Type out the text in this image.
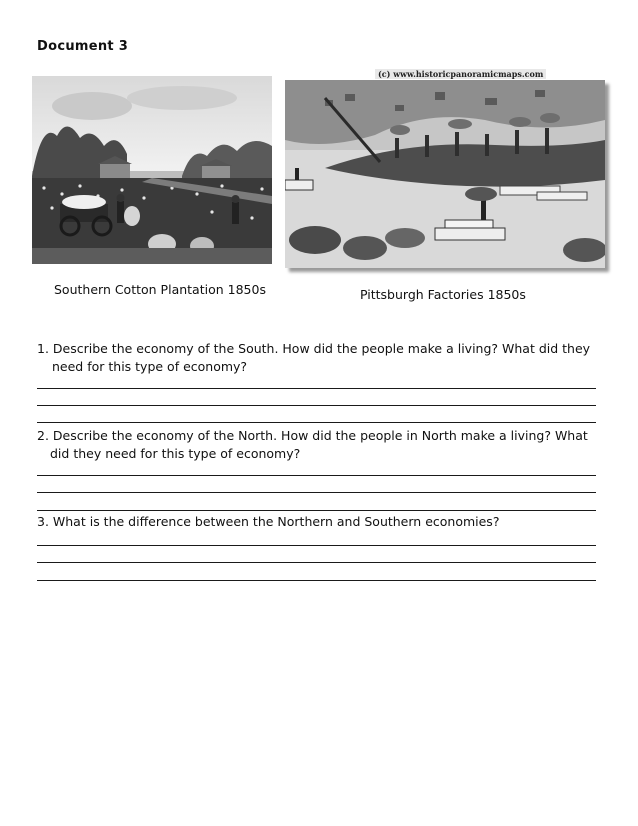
Document 3
(c) www.historicpanoramicmaps.com
Southern Cotton Plantation 1850s	Pittsburgh Factories 1850s
1. Describe the economy of the South. How did the people make a living? What did they
need for this type of economy?
2. Describe the economy of the North. How did the people in North make a living? What
did they need for this type of economy?
3. What is the difference between the Northern and Southern economies?
